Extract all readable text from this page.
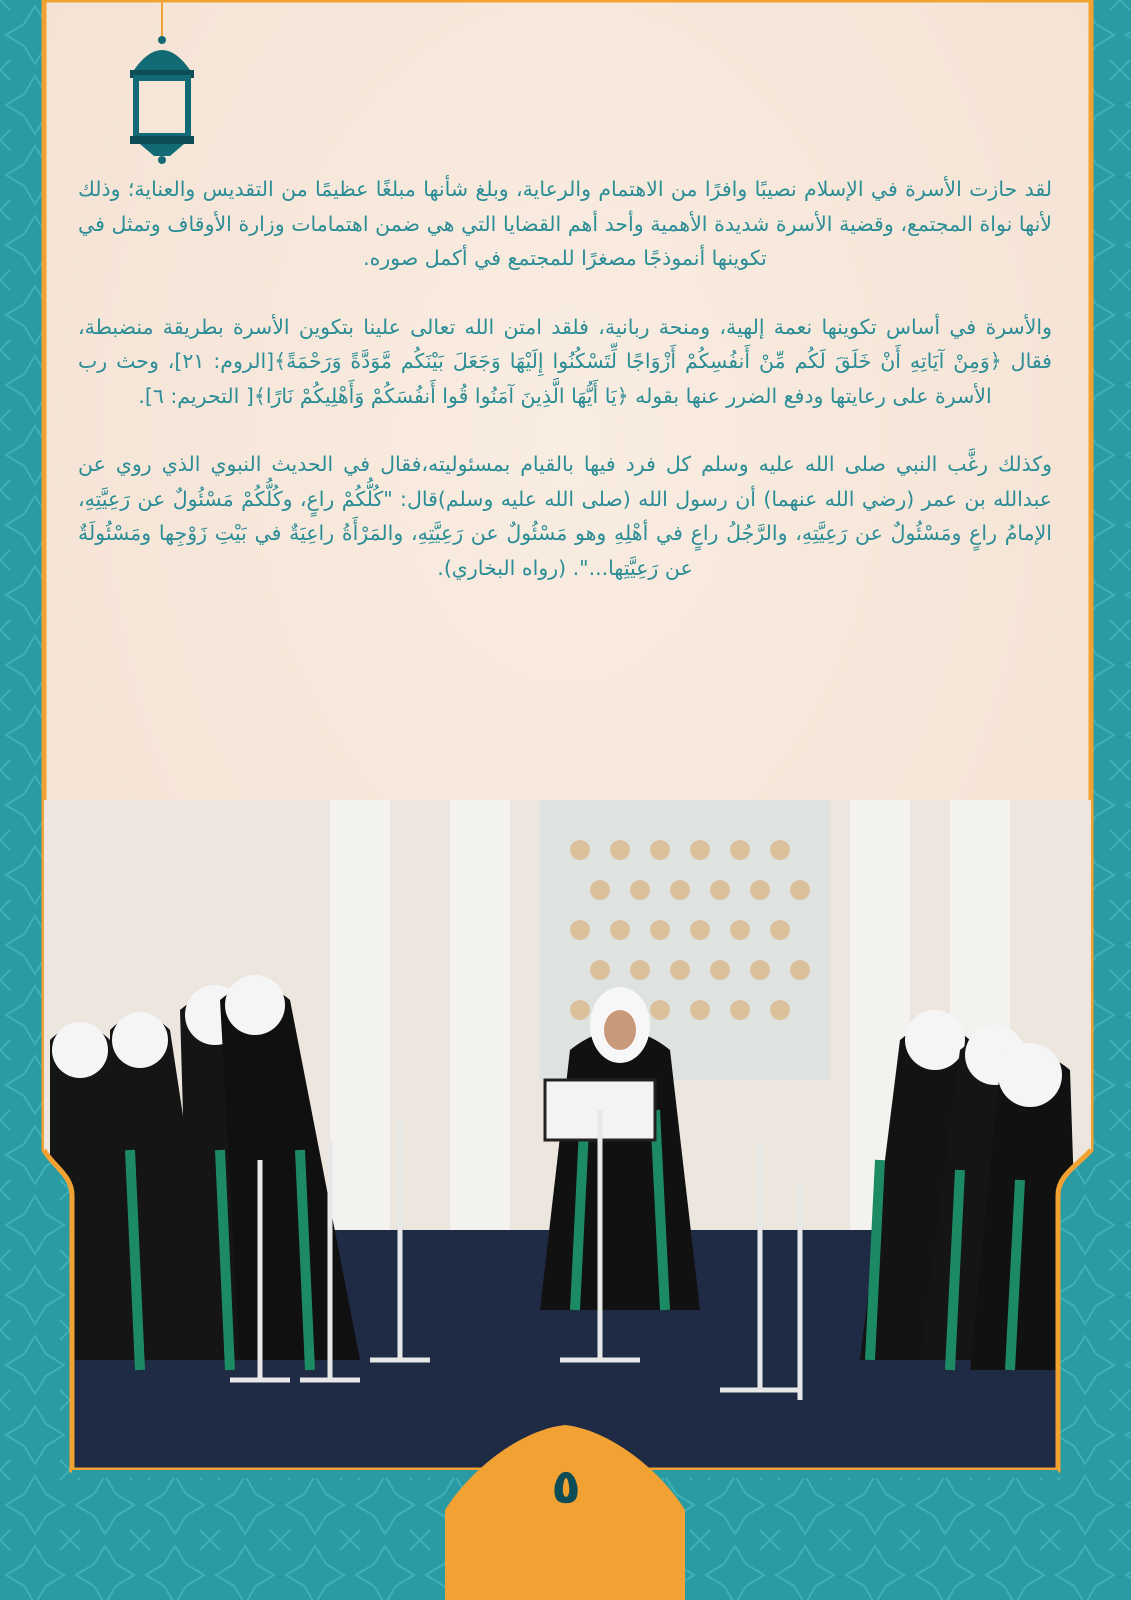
لقد حازت الأسرة في الإسلام نصيبًا وافرًا من الاهتمام والرعاية، وبلغ شأنها مبلغًا عظيمًا من التقديس والعناية؛ وذلك لأنها نواة المجتمع، وقضية الأسرة شديدة الأهمية وأحد أهم القضايا التي هي ضمن اهتمامات وزارة الأوقاف وتمثل في تكوينها أنموذجًا مصغرًا للمجتمع في أكمل صوره.

والأسرة في أساس تكوينها نعمة إلهية، ومنحة ربانية، فلقد امتن الله تعالى علينا بتكوين الأسرة بطريقة منضبطة، فقال ﴿وَمِنْ آيَاتِهِ أَنْ خَلَقَ لَكُم مِّنْ أَنفُسِكُمْ أَزْوَاجًا لِّتَسْكُنُوا إِلَيْهَا وَجَعَلَ بَيْنَكُم مَّوَدَّةً وَرَحْمَةً﴾[الروم: ٢١]، وحث رب الأسرة على رعايتها ودفع الضرر عنها بقوله ﴿يَا أَيُّهَا الَّذِينَ آمَنُوا قُوا أَنفُسَكُمْ وَأَهْلِيكُمْ نَارًا﴾[ التحريم: ٦].

وكذلك رغَّب النبي صلى الله عليه وسلم كل فرد فيها بالقيام بمسئوليته،فقال في الحديث النبوي الذي روي عن عبدالله بن عمر (رضي الله عنهما) أن رسول الله (صلى الله عليه وسلم)قال: "كُلُّكُمْ راعٍ، وكُلُّكُمْ مَسْئُولٌ عن رَعِيَّتِهِ، الإمامُ راعٍ ومَسْئُولٌ عن رَعِيَّتِهِ، والرَّجُلُ راعٍ في أهْلِهِ وهو مَسْئُولٌ عن رَعِيَّتِهِ، والمَرْأَةُ راعِيَةٌ في بَيْتِ زَوْجِها ومَسْئُولَةٌ عن رَعِيَّتِها...". (رواه البخاري).

٥
